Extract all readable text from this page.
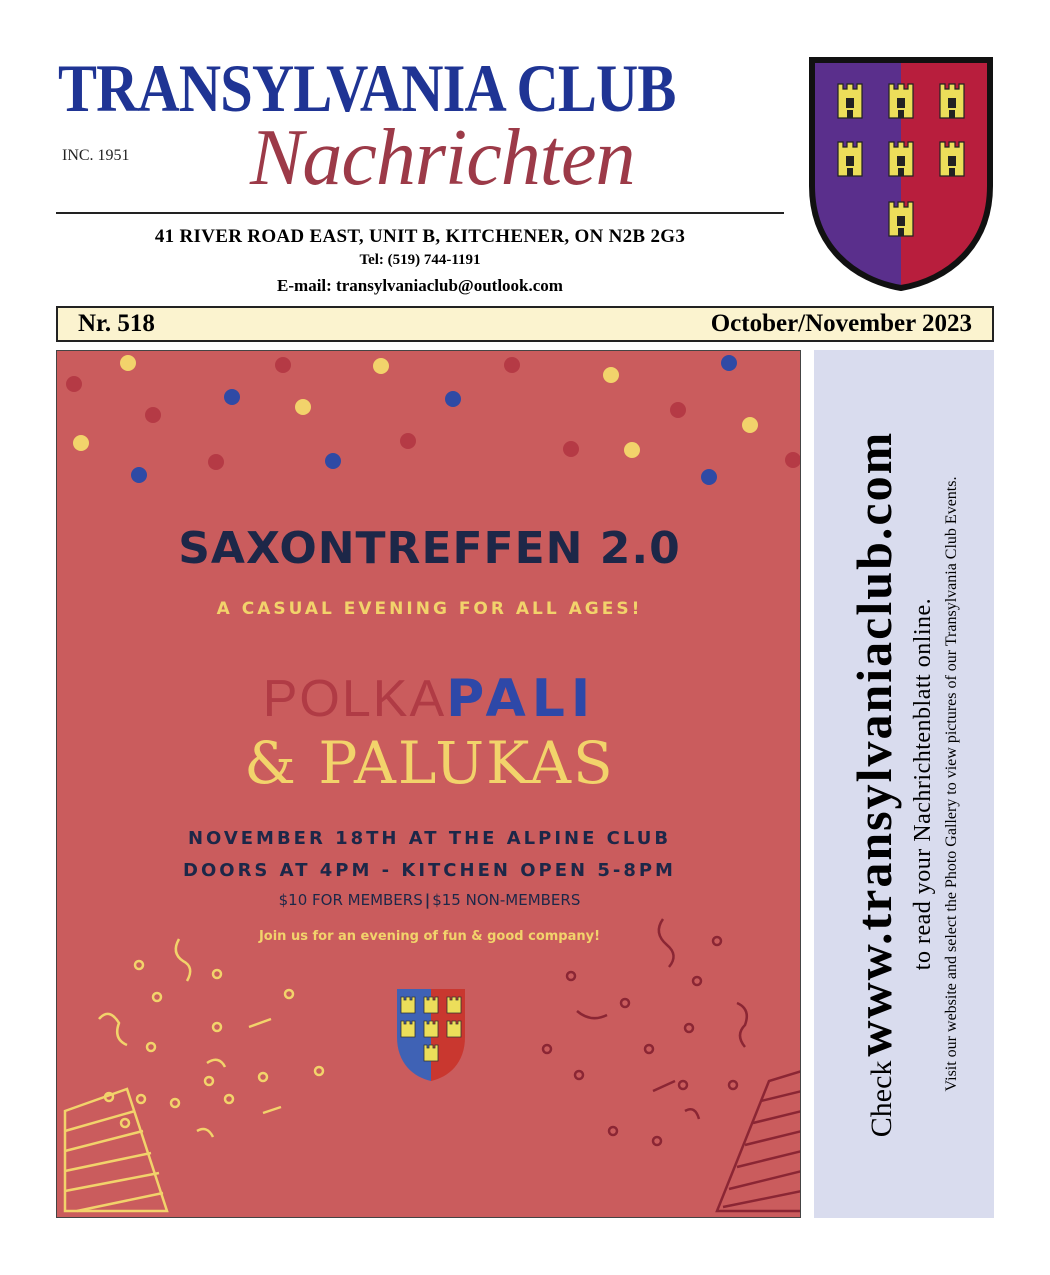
TRANSYLVANIA CLUB
INC. 1951 Nachrichten
41 RIVER ROAD EAST, UNIT B, KITCHENER, ON N2B 2G3
Tel: (519) 744-1191
E-mail: transylvaniaclub@outlook.com
Nr. 518	October/November 2023
SAXONTREFFEN 2.0
A CASUAL EVENING FOR ALL AGES!
POLKAPALI
& PALUKAS
NOVEMBER 18TH AT THE ALPINE CLUB
DOORS AT 4PM - KITCHEN OPEN 5-8PM
$10 FOR MEMBERS | $15 NON-MEMBERS
Join us for an evening of fun & good company!
Check www.transylvaniaclub.com to read your Nachrichtenblatt online. Visit our website and select the Photo Gallery to view pictures of our Transylvania Club Events.
